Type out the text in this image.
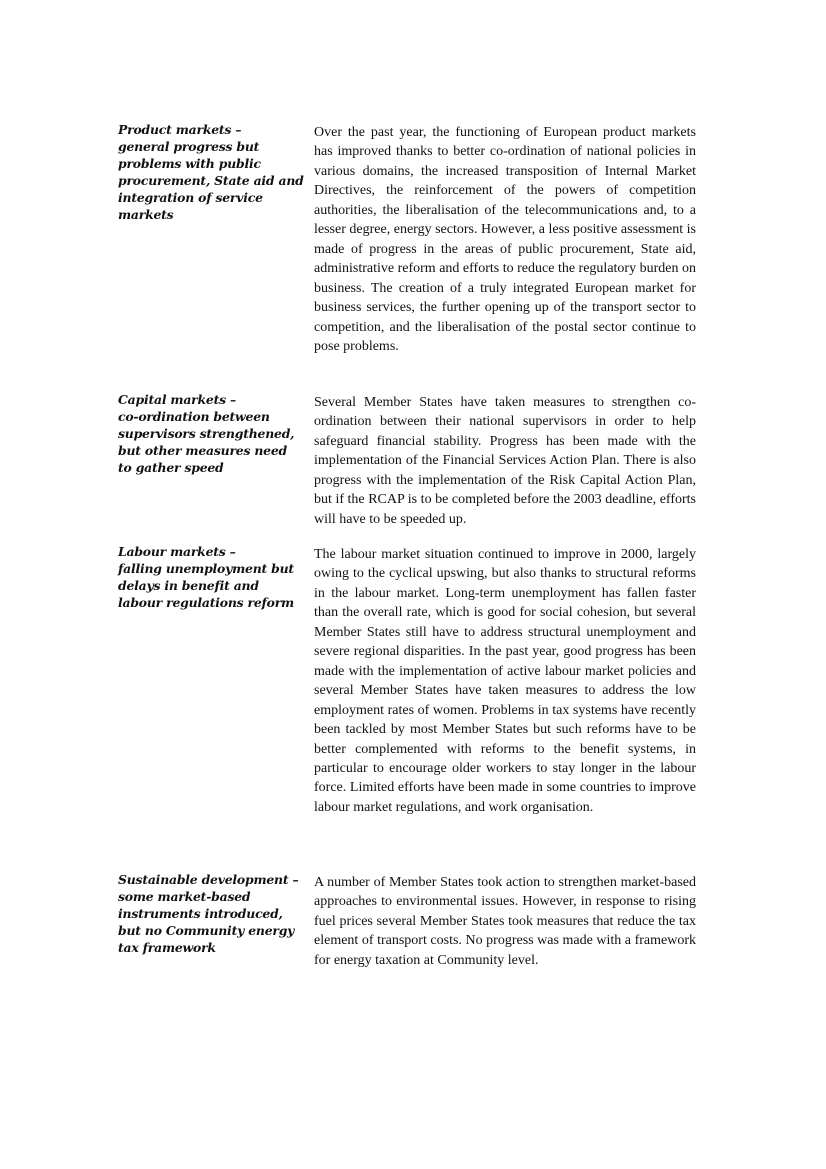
Product markets –
general progress but problems with public procurement, State aid and integration of service markets

Over the past year, the functioning of European product markets has improved thanks to better co-ordination of national policies in various domains, the increased transposition of Internal Market Directives, the reinforcement of the powers of competition authorities, the liberalisation of the telecommunications and, to a lesser degree, energy sectors. However, a less positive assessment is made of progress in the areas of public procurement, State aid, administrative reform and efforts to reduce the regulatory burden on business. The creation of a truly integrated European market for business services, the further opening up of the transport sector to competition, and the liberalisation of the postal sector continue to pose problems.

Capital markets –
co-ordination between supervisors strengthened, but other measures need to gather speed

Several Member States have taken measures to strengthen co-ordination between their national supervisors in order to help safeguard financial stability. Progress has been made with the implementation of the Financial Services Action Plan. There is also progress with the implementation of the Risk Capital Action Plan, but if the RCAP is to be completed before the 2003 deadline, efforts will have to be speeded up.

Labour markets –
falling unemployment but delays in benefit and labour regulations reform

The labour market situation continued to improve in 2000, largely owing to the cyclical upswing, but also thanks to structural reforms in the labour market. Long-term unemployment has fallen faster than the overall rate, which is good for social cohesion, but several Member States still have to address structural unemployment and severe regional disparities. In the past year, good progress has been made with the implementation of active labour market policies and several Member States have taken measures to address the low employment rates of women. Problems in tax systems have recently been tackled by most Member States but such reforms have to be better complemented with reforms to the benefit systems, in particular to encourage older workers to stay longer in the labour force. Limited efforts have been made in some countries to improve labour market regulations, and work organisation.

Sustainable development –
some market-based instruments introduced, but no Community energy tax framework

A number of Member States took action to strengthen market-based approaches to environmental issues. However, in response to rising fuel prices several Member States took measures that reduce the tax element of transport costs. No progress was made with a framework for energy taxation at Community level.
